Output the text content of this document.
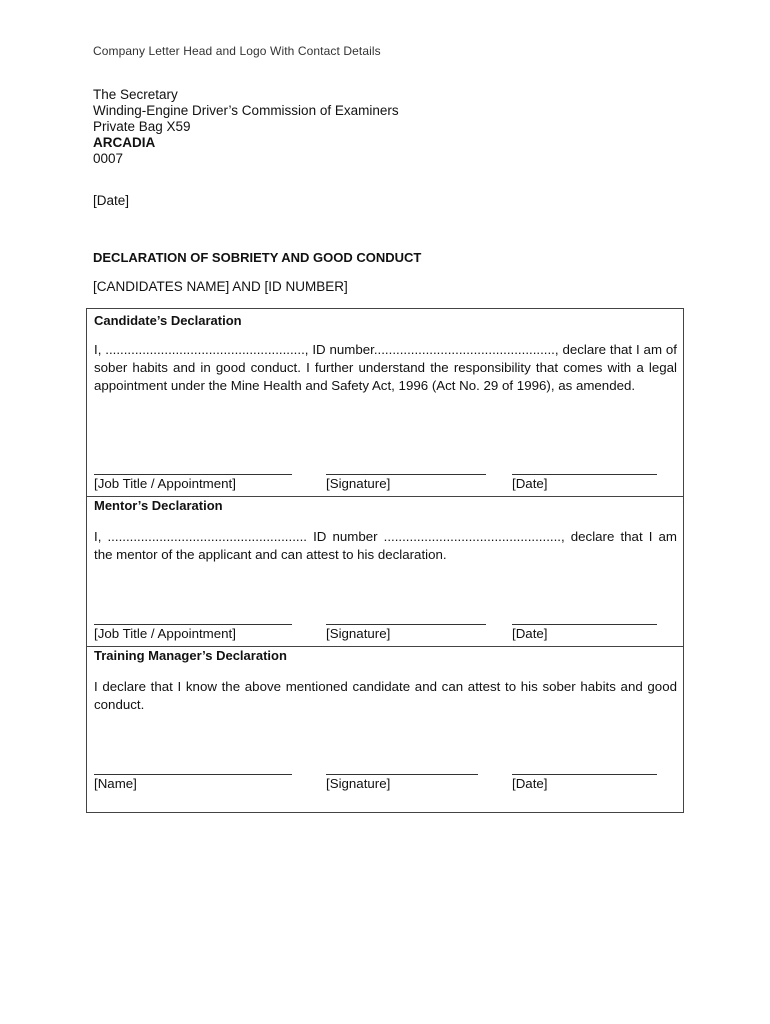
Company Letter Head and Logo With Contact Details
The Secretary
Winding-Engine Driver’s Commission of Examiners
Private Bag X59
ARCADIA
0007
[Date]
DECLARATION OF SOBRIETY AND GOOD CONDUCT
[CANDIDATES NAME] AND [ID NUMBER]
Candidate’s Declaration
I, ......................................................, ID number................................................., declare that I am of sober habits and in good conduct. I further understand the responsibility that comes with a legal appointment under the Mine Health and Safety Act, 1996 (Act No. 29 of 1996), as amended.
[Job Title / Appointment]	[Signature]	[Date]
Mentor’s Declaration
I, ...................................................... ID number ................................................, declare that I am the mentor of the applicant and can attest to his declaration.
[Job Title / Appointment]	[Signature]	[Date]
Training Manager’s Declaration
I declare that I know the above mentioned candidate and can attest to his sober habits and good conduct.
[Name]	[Signature]	[Date]
